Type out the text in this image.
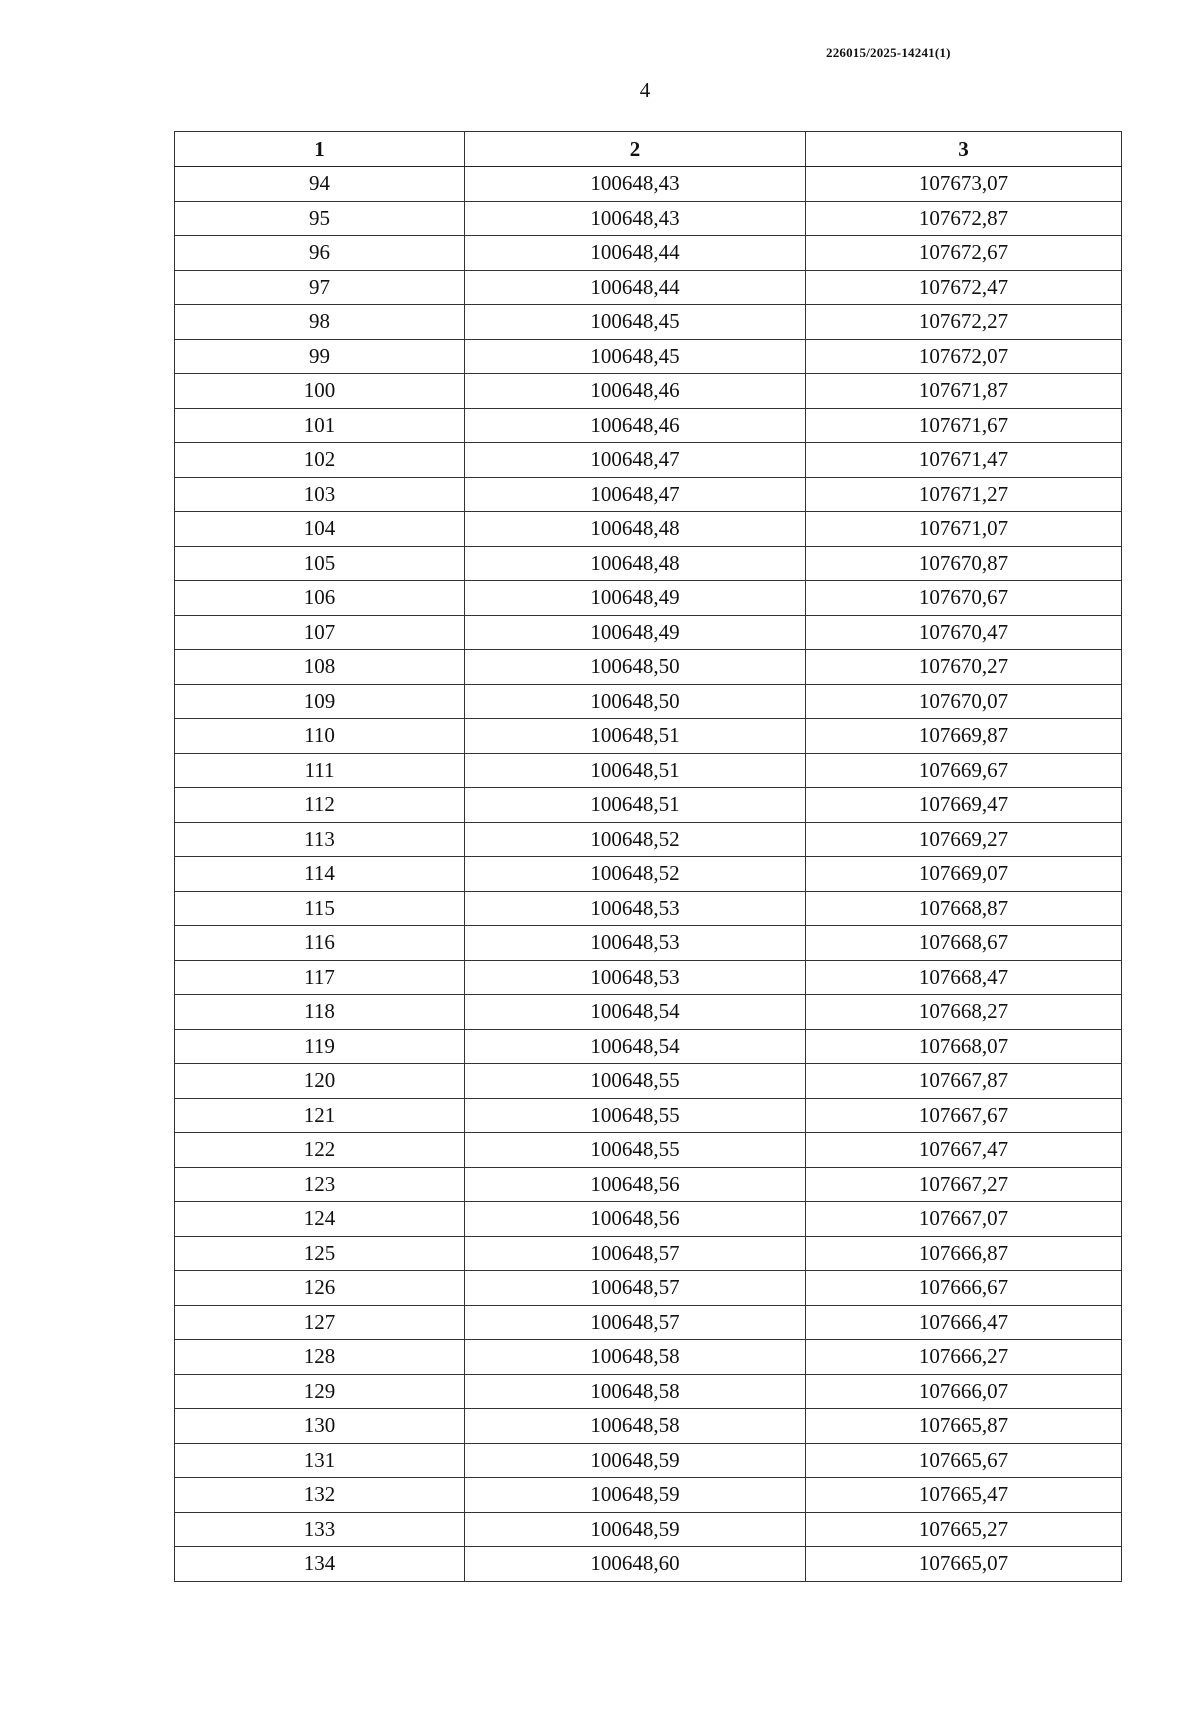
226015/2025-14241(1)
4
1	2	3
94	100648,43	107673,07
95	100648,43	107672,87
96	100648,44	107672,67
97	100648,44	107672,47
98	100648,45	107672,27
99	100648,45	107672,07
100	100648,46	107671,87
101	100648,46	107671,67
102	100648,47	107671,47
103	100648,47	107671,27
104	100648,48	107671,07
105	100648,48	107670,87
106	100648,49	107670,67
107	100648,49	107670,47
108	100648,50	107670,27
109	100648,50	107670,07
110	100648,51	107669,87
111	100648,51	107669,67
112	100648,51	107669,47
113	100648,52	107669,27
114	100648,52	107669,07
115	100648,53	107668,87
116	100648,53	107668,67
117	100648,53	107668,47
118	100648,54	107668,27
119	100648,54	107668,07
120	100648,55	107667,87
121	100648,55	107667,67
122	100648,55	107667,47
123	100648,56	107667,27
124	100648,56	107667,07
125	100648,57	107666,87
126	100648,57	107666,67
127	100648,57	107666,47
128	100648,58	107666,27
129	100648,58	107666,07
130	100648,58	107665,87
131	100648,59	107665,67
132	100648,59	107665,47
133	100648,59	107665,27
134	100648,60	107665,07
